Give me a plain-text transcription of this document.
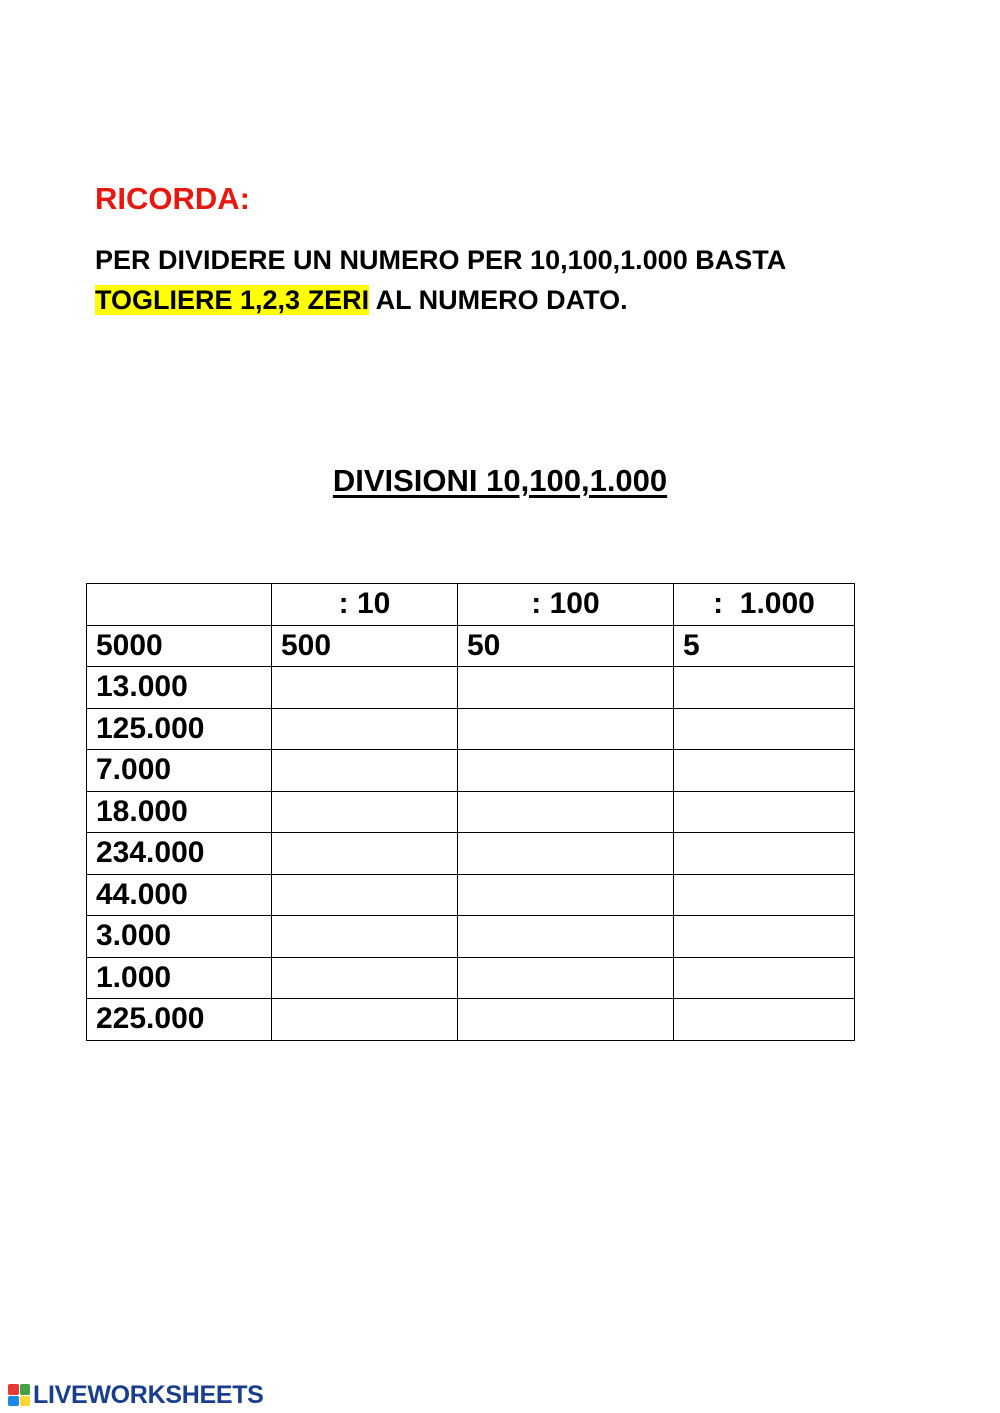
RICORDA:

PER DIVIDERE UN NUMERO PER 10,100,1.000 BASTA
TOGLIERE 1,2,3 ZERI AL NUMERO DATO.

DIVISIONI 10,100,1.000
	: 10	: 100	:  1.000
5000	500	50	5
13.000			
125.000			
7.000			
18.000			
234.000			
44.000			
3.000			
1.000			
225.000			
LIVEWORKSHEETS
